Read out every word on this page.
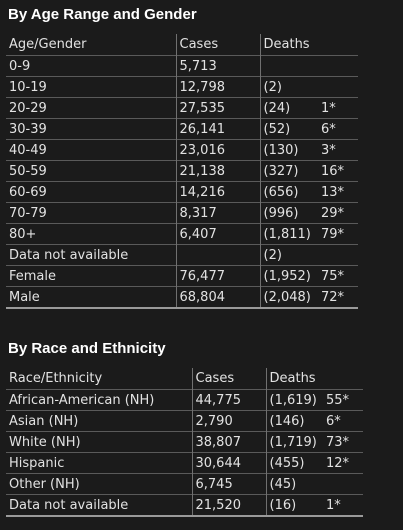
By Age Range and Gender
Age/Gender	Cases	Deaths	
0-9	5,713		
10-19	12,798	(2)	
20-29	27,535	(24)	1*
30-39	26,141	(52)	6*
40-49	23,016	(130)	3*
50-59	21,138	(327)	16*
60-69	14,216	(656)	13*
70-79	8,317	(996)	29*
80+	6,407	(1,811)	79*
Data not available		(2)	
Female	76,477	(1,952)	75*
Male	68,804	(2,048)	72*
By Race and Ethnicity
Race/Ethnicity	Cases	Deaths	
African-American (NH)	44,775	(1,619)	55*
Asian (NH)	2,790	(146)	6*
White (NH)	38,807	(1,719)	73*
Hispanic	30,644	(455)	12*
Other (NH)	6,745	(45)	
Data not available	21,520	(16)	1*
